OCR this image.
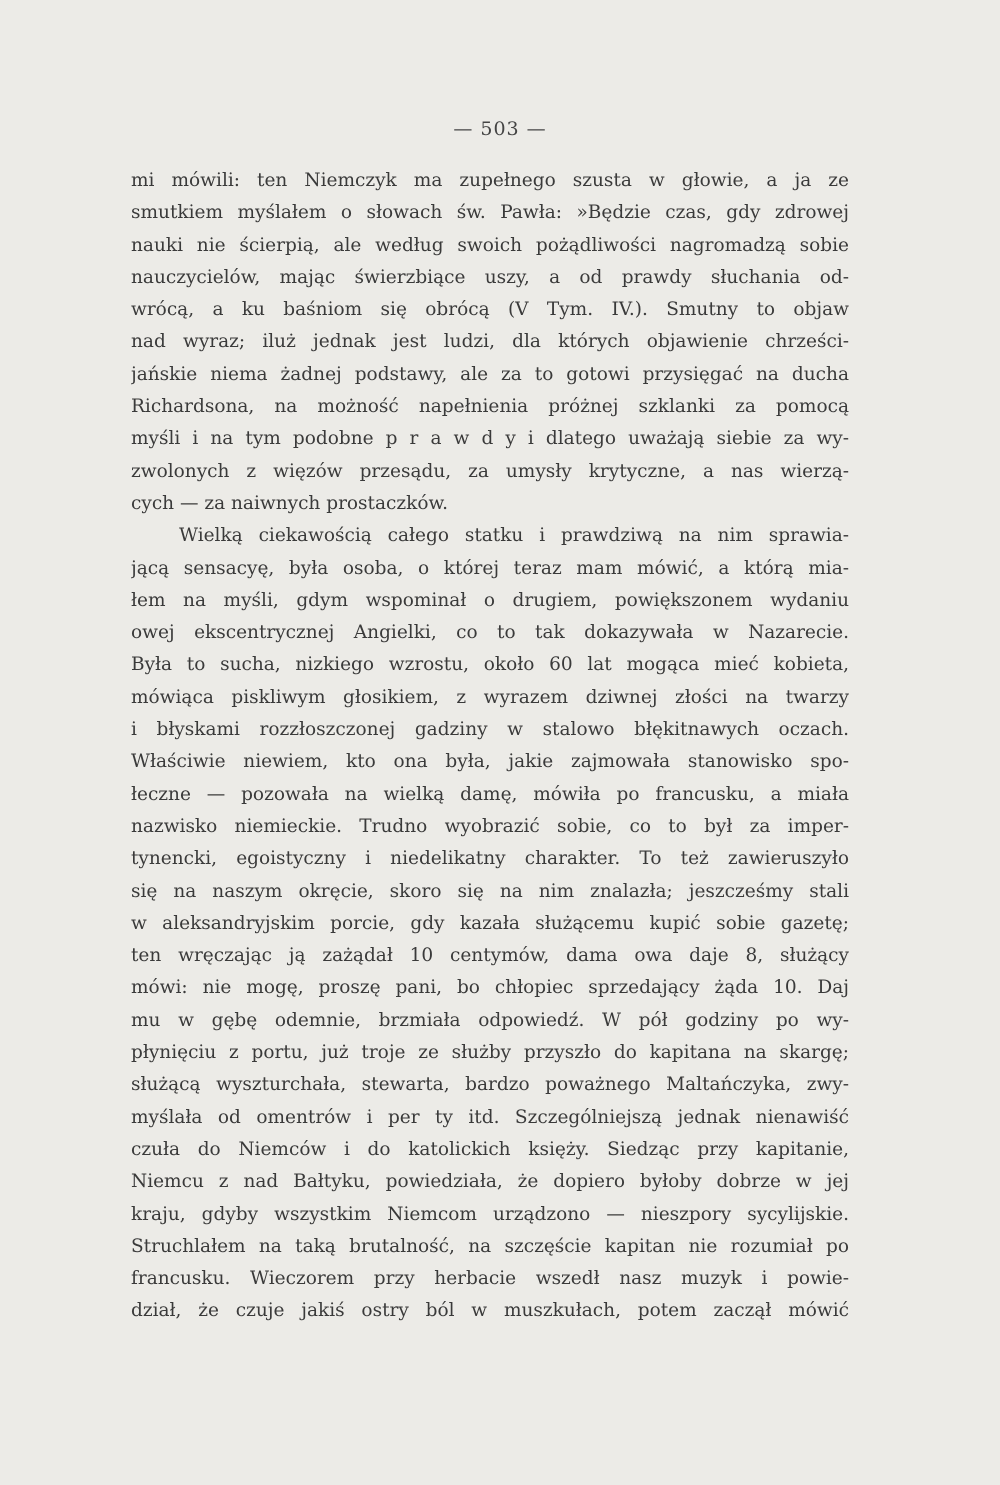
— 503 —
mi mówili: ten Niemczyk ma zupełnego szusta w głowie, a ja ze
smutkiem myślałem o słowach św. Pawła: »Będzie czas, gdy zdrowej
nauki nie ścierpią, ale według swoich pożądliwości nagromadzą sobie
nauczycielów, mając świerzbiące uszy, a od prawdy słuchania od-
wrócą, a ku baśniom się obrócą (V Tym. IV.). Smutny to objaw
nad wyraz; iluż jednak jest ludzi, dla których objawienie chrześci-
jańskie niema żadnej podstawy, ale za to gotowi przysięgać na ducha
Richardsona, na możność napełnienia próżnej szklanki za pomocą
myśli i na tym podobne p r a w d y i dlatego uważają siebie za wy-
zwolonych z więzów przesądu, za umysły krytyczne, a nas wierzą-
cych — za naiwnych prostaczków.
Wielką ciekawością całego statku i prawdziwą na nim sprawia-
jącą sensacyę, była osoba, o której teraz mam mówić, a którą mia-
łem na myśli, gdym wspominał o drugiem, powiększonem wydaniu
owej ekscentrycznej Angielki, co to tak dokazywała w Nazarecie.
Była to sucha, nizkiego wzrostu, około 60 lat mogąca mieć kobieta,
mówiąca piskliwym głosikiem, z wyrazem dziwnej złości na twarzy
i błyskami rozzłoszczonej gadziny w stalowo błękitnawych oczach.
Właściwie niewiem, kto ona była, jakie zajmowała stanowisko spo-
łeczne — pozowała na wielką damę, mówiła po francusku, a miała
nazwisko niemieckie. Trudno wyobrazić sobie, co to był za imper-
tynencki, egoistyczny i niedelikatny charakter. To też zawieruszyło
się na naszym okręcie, skoro się na nim znalazła; jeszcześmy stali
w aleksandryjskim porcie, gdy kazała służącemu kupić sobie gazetę;
ten wręczając ją zażądał 10 centymów, dama owa daje 8, służący
mówi: nie mogę, proszę pani, bo chłopiec sprzedający żąda 10. Daj
mu w gębę odemnie, brzmiała odpowiedź. W pół godziny po wy-
płynięciu z portu, już troje ze służby przyszło do kapitana na skargę;
służącą wyszturchała, stewarta, bardzo poważnego Maltańczyka, zwy-
myślała od omentrów i per ty itd. Szczególniejszą jednak nienawiść
czuła do Niemców i do katolickich księży. Siedząc przy kapitanie,
Niemcu z nad Bałtyku, powiedziała, że dopiero byłoby dobrze w jej
kraju, gdyby wszystkim Niemcom urządzono — nieszpory sycylijskie.
Struchlałem na taką brutalność, na szczęście kapitan nie rozumiał po
francusku. Wieczorem przy herbacie wszedł nasz muzyk i powie-
dział, że czuje jakiś ostry ból w muszkułach, potem zaczął mówić
